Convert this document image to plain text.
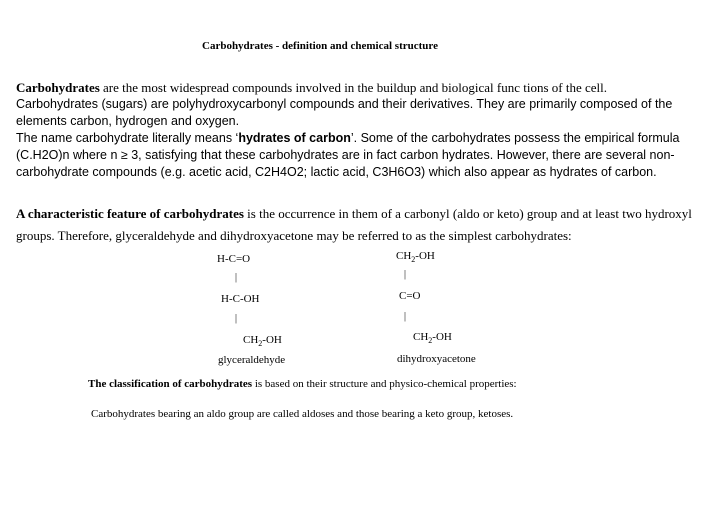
Carbohydrates - definition and chemical structure

Carbohydrates are the most widespread compounds involved in the buildup and biological func tions of the cell.

Carbohydrates (sugars) are polyhydroxycarbonyl compounds and their derivatives. They are primarily composed of the elements carbon, hydrogen and oxygen.

The name carbohydrate literally means ‘hydrates of carbon’. Some of the carbohydrates possess the empirical formula (C.H2O)n where n ≥ 3, satisfying that these carbohydrates are in fact carbon hydrates. However, there are several non-carbohydrate compounds (e.g. acetic acid, C2H4O2; lactic acid, C3H6O3) which also appear as hydrates of carbon.

A characteristic feature of carbohydrates is the occurrence in them of a carbonyl (aldo or keto) group and at least two hydroxyl groups. Therefore, glyceraldehyde and dihydroxyacetone may be referred to as the simplest carbohydrates:
H-C=O
|
H-C-OH
|
$CH_2-OH$
glyceraldehyde
$CH_2-OH$
|
C=O
|
$CH_2-OH$
dihydroxyacetone
The classification of carbohydrates is based on their structure and physico-chemical properties:
Carbohydrates bearing an aldo group are called aldoses and those bearing a keto group, ketoses.
